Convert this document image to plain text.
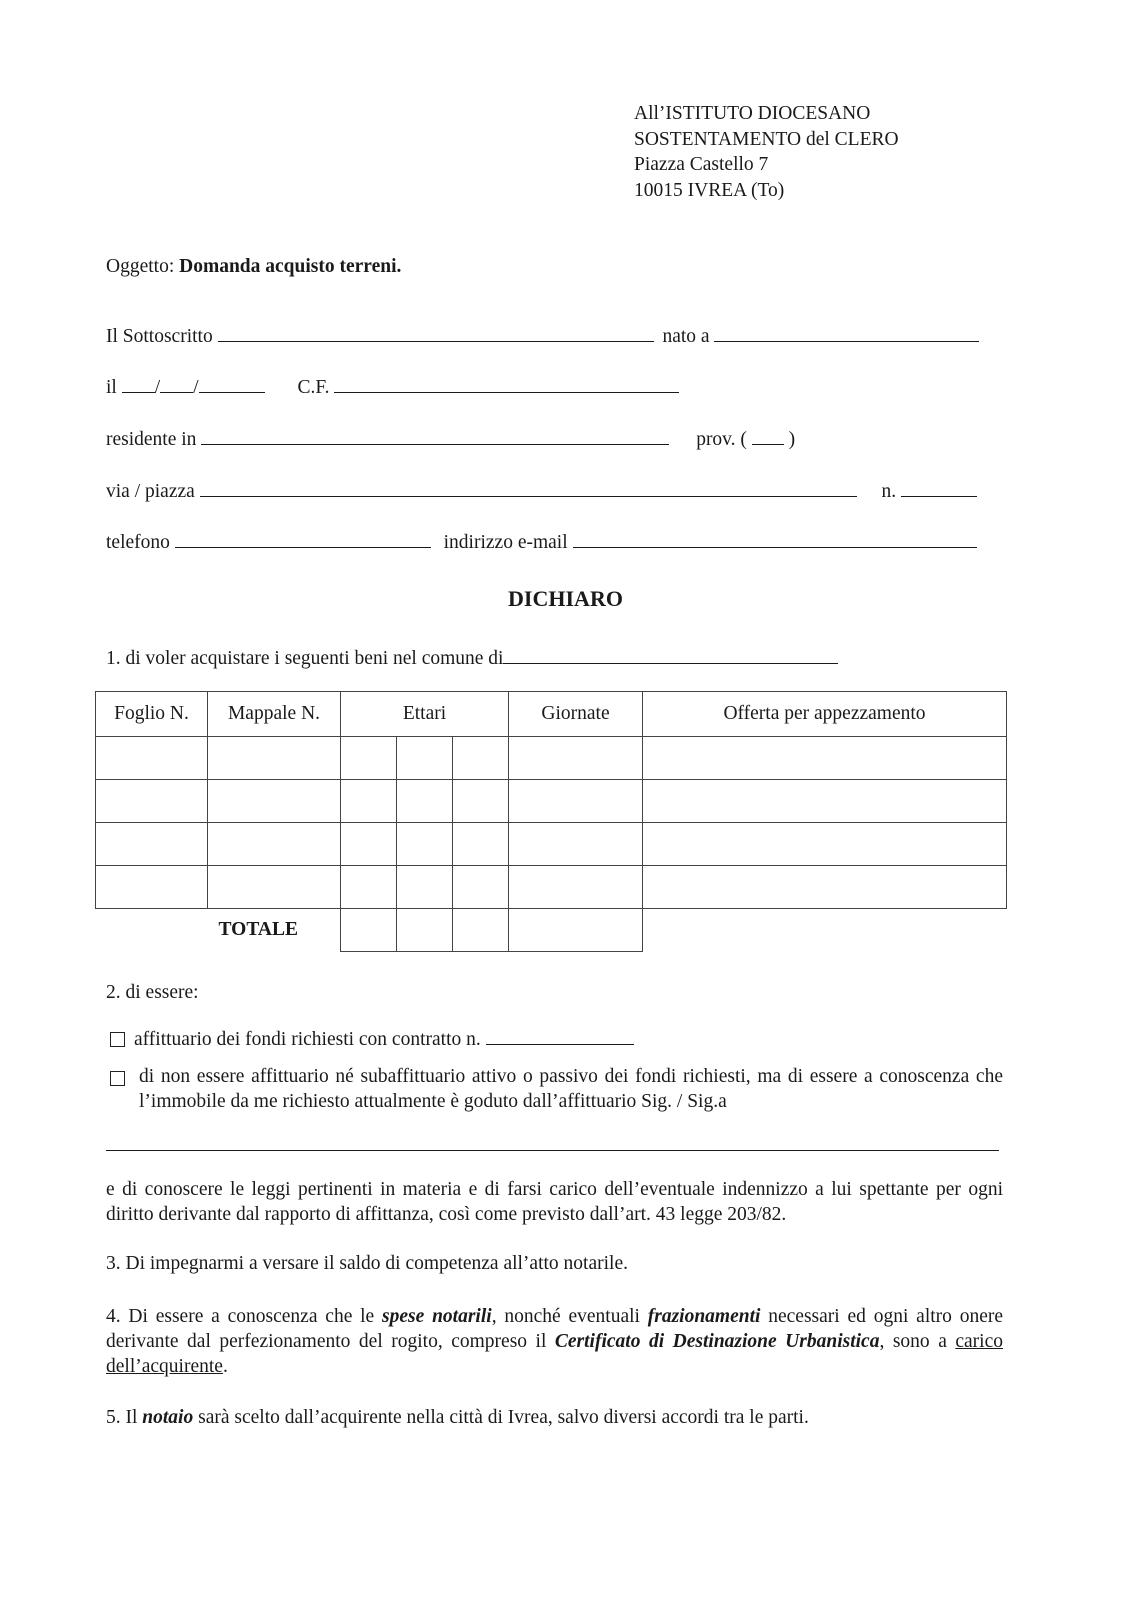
All’ISTITUTO DIOCESANO
SOSTENTAMENTO del CLERO
Piazza Castello 7
10015 IVREA (To)
Oggetto: Domanda acquisto terreni.
Il Sottoscritto	nato a
il / /	C.F.
residente in	prov. ( )
via / piazza	n.
telefono	indirizzo e-mail
DICHIARO
1. di voler acquistare i seguenti beni nel comune di
Foglio N.	Mappale N.	Ettari			Giornate	Offerta per appezzamento

TOTALE						
2. di essere:
affittuario dei fondi richiesti con contratto n.
di non essere affittuario né subaffittuario attivo o passivo dei fondi richiesti, ma di essere a conoscenza che l’immobile da me richiesto attualmente è goduto dall’affittuario Sig. / Sig.a
e di conoscere le leggi pertinenti in materia e di farsi carico dell’eventuale indennizzo a lui spettante per ogni diritto derivante dal rapporto di affittanza, così come previsto dall’art. 43 legge 203/82.
3. Di impegnarmi a versare il saldo di competenza all’atto notarile.
4. Di essere a conoscenza che le spese notarili, nonché eventuali frazionamenti necessari ed ogni altro onere derivante dal perfezionamento del rogito, compreso il Certificato di Destinazione Urbanistica, sono a carico dell’acquirente.
5. Il notaio sarà scelto dall’acquirente nella città di Ivrea, salvo diversi accordi tra le parti.
